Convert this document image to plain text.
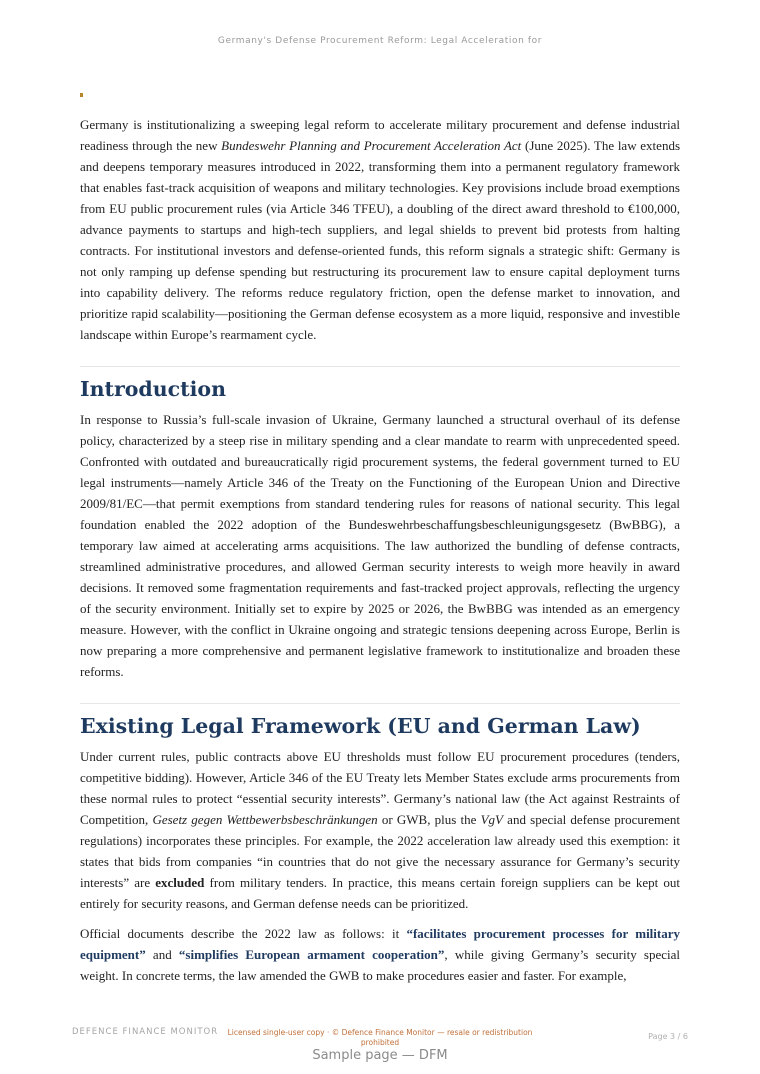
Germany's Defense Procurement Reform: Legal Acceleration for

Germany is institutionalizing a sweeping legal reform to accelerate military procurement and defense industrial readiness through the new Bundeswehr Planning and Procurement Acceleration Act (June 2025). The law extends and deepens temporary measures introduced in 2022, transforming them into a permanent regulatory framework that enables fast-track acquisition of weapons and military technologies. Key provisions include broad exemptions from EU public procurement rules (via Article 346 TFEU), a doubling of the direct award threshold to €100,000, advance payments to startups and high-tech suppliers, and legal shields to prevent bid protests from halting contracts. For institutional investors and defense-oriented funds, this reform signals a strategic shift: Germany is not only ramping up defense spending but restructuring its procurement law to ensure capital deployment turns into capability delivery. The reforms reduce regulatory friction, open the defense market to innovation, and prioritize rapid scalability—positioning the German defense ecosystem as a more liquid, responsive and investible landscape within Europe’s rearmament cycle.

Introduction

In response to Russia’s full-scale invasion of Ukraine, Germany launched a structural overhaul of its defense policy, characterized by a steep rise in military spending and a clear mandate to rearm with unprecedented speed. Confronted with outdated and bureaucratically rigid procurement systems, the federal government turned to EU legal instruments—namely Article 346 of the Treaty on the Functioning of the European Union and Directive 2009/81/EC—that permit exemptions from standard tendering rules for reasons of national security. This legal foundation enabled the 2022 adoption of the Bundeswehrbeschaffungsbeschleunigungsgesetz (BwBBG), a temporary law aimed at accelerating arms acquisitions. The law authorized the bundling of defense contracts, streamlined administrative procedures, and allowed German security interests to weigh more heavily in award decisions. It removed some fragmentation requirements and fast-tracked project approvals, reflecting the urgency of the security environment. Initially set to expire by 2025 or 2026, the BwBBG was intended as an emergency measure. However, with the conflict in Ukraine ongoing and strategic tensions deepening across Europe, Berlin is now preparing a more comprehensive and permanent legislative framework to institutionalize and broaden these reforms.

Existing Legal Framework (EU and German Law)

Under current rules, public contracts above EU thresholds must follow EU procurement procedures (tenders, competitive bidding). However, Article 346 of the EU Treaty lets Member States exclude arms procurements from these normal rules to protect “essential security interests”. Germany’s national law (the Act against Restraints of Competition, Gesetz gegen Wettbewerbsbeschränkungen or GWB, plus the VgV and special defense procurement regulations) incorporates these principles. For example, the 2022 acceleration law already used this exemption: it states that bids from companies “in countries that do not give the necessary assurance for Germany’s security interests” are excluded from military tenders. In practice, this means certain foreign suppliers can be kept out entirely for security reasons, and German defense needs can be prioritized.

Official documents describe the 2022 law as follows: it “facilitates procurement processes for military equipment” and “simplifies European armament cooperation”, while giving Germany’s security special weight. In concrete terms, the law amended the GWB to make procedures easier and faster. For example,

DEFENCE FINANCE MONITOR	Licensed single-user copy · © Defence Finance Monitor — resale or redistribution prohibited
Page 3 / 6
Sample page — DFM
